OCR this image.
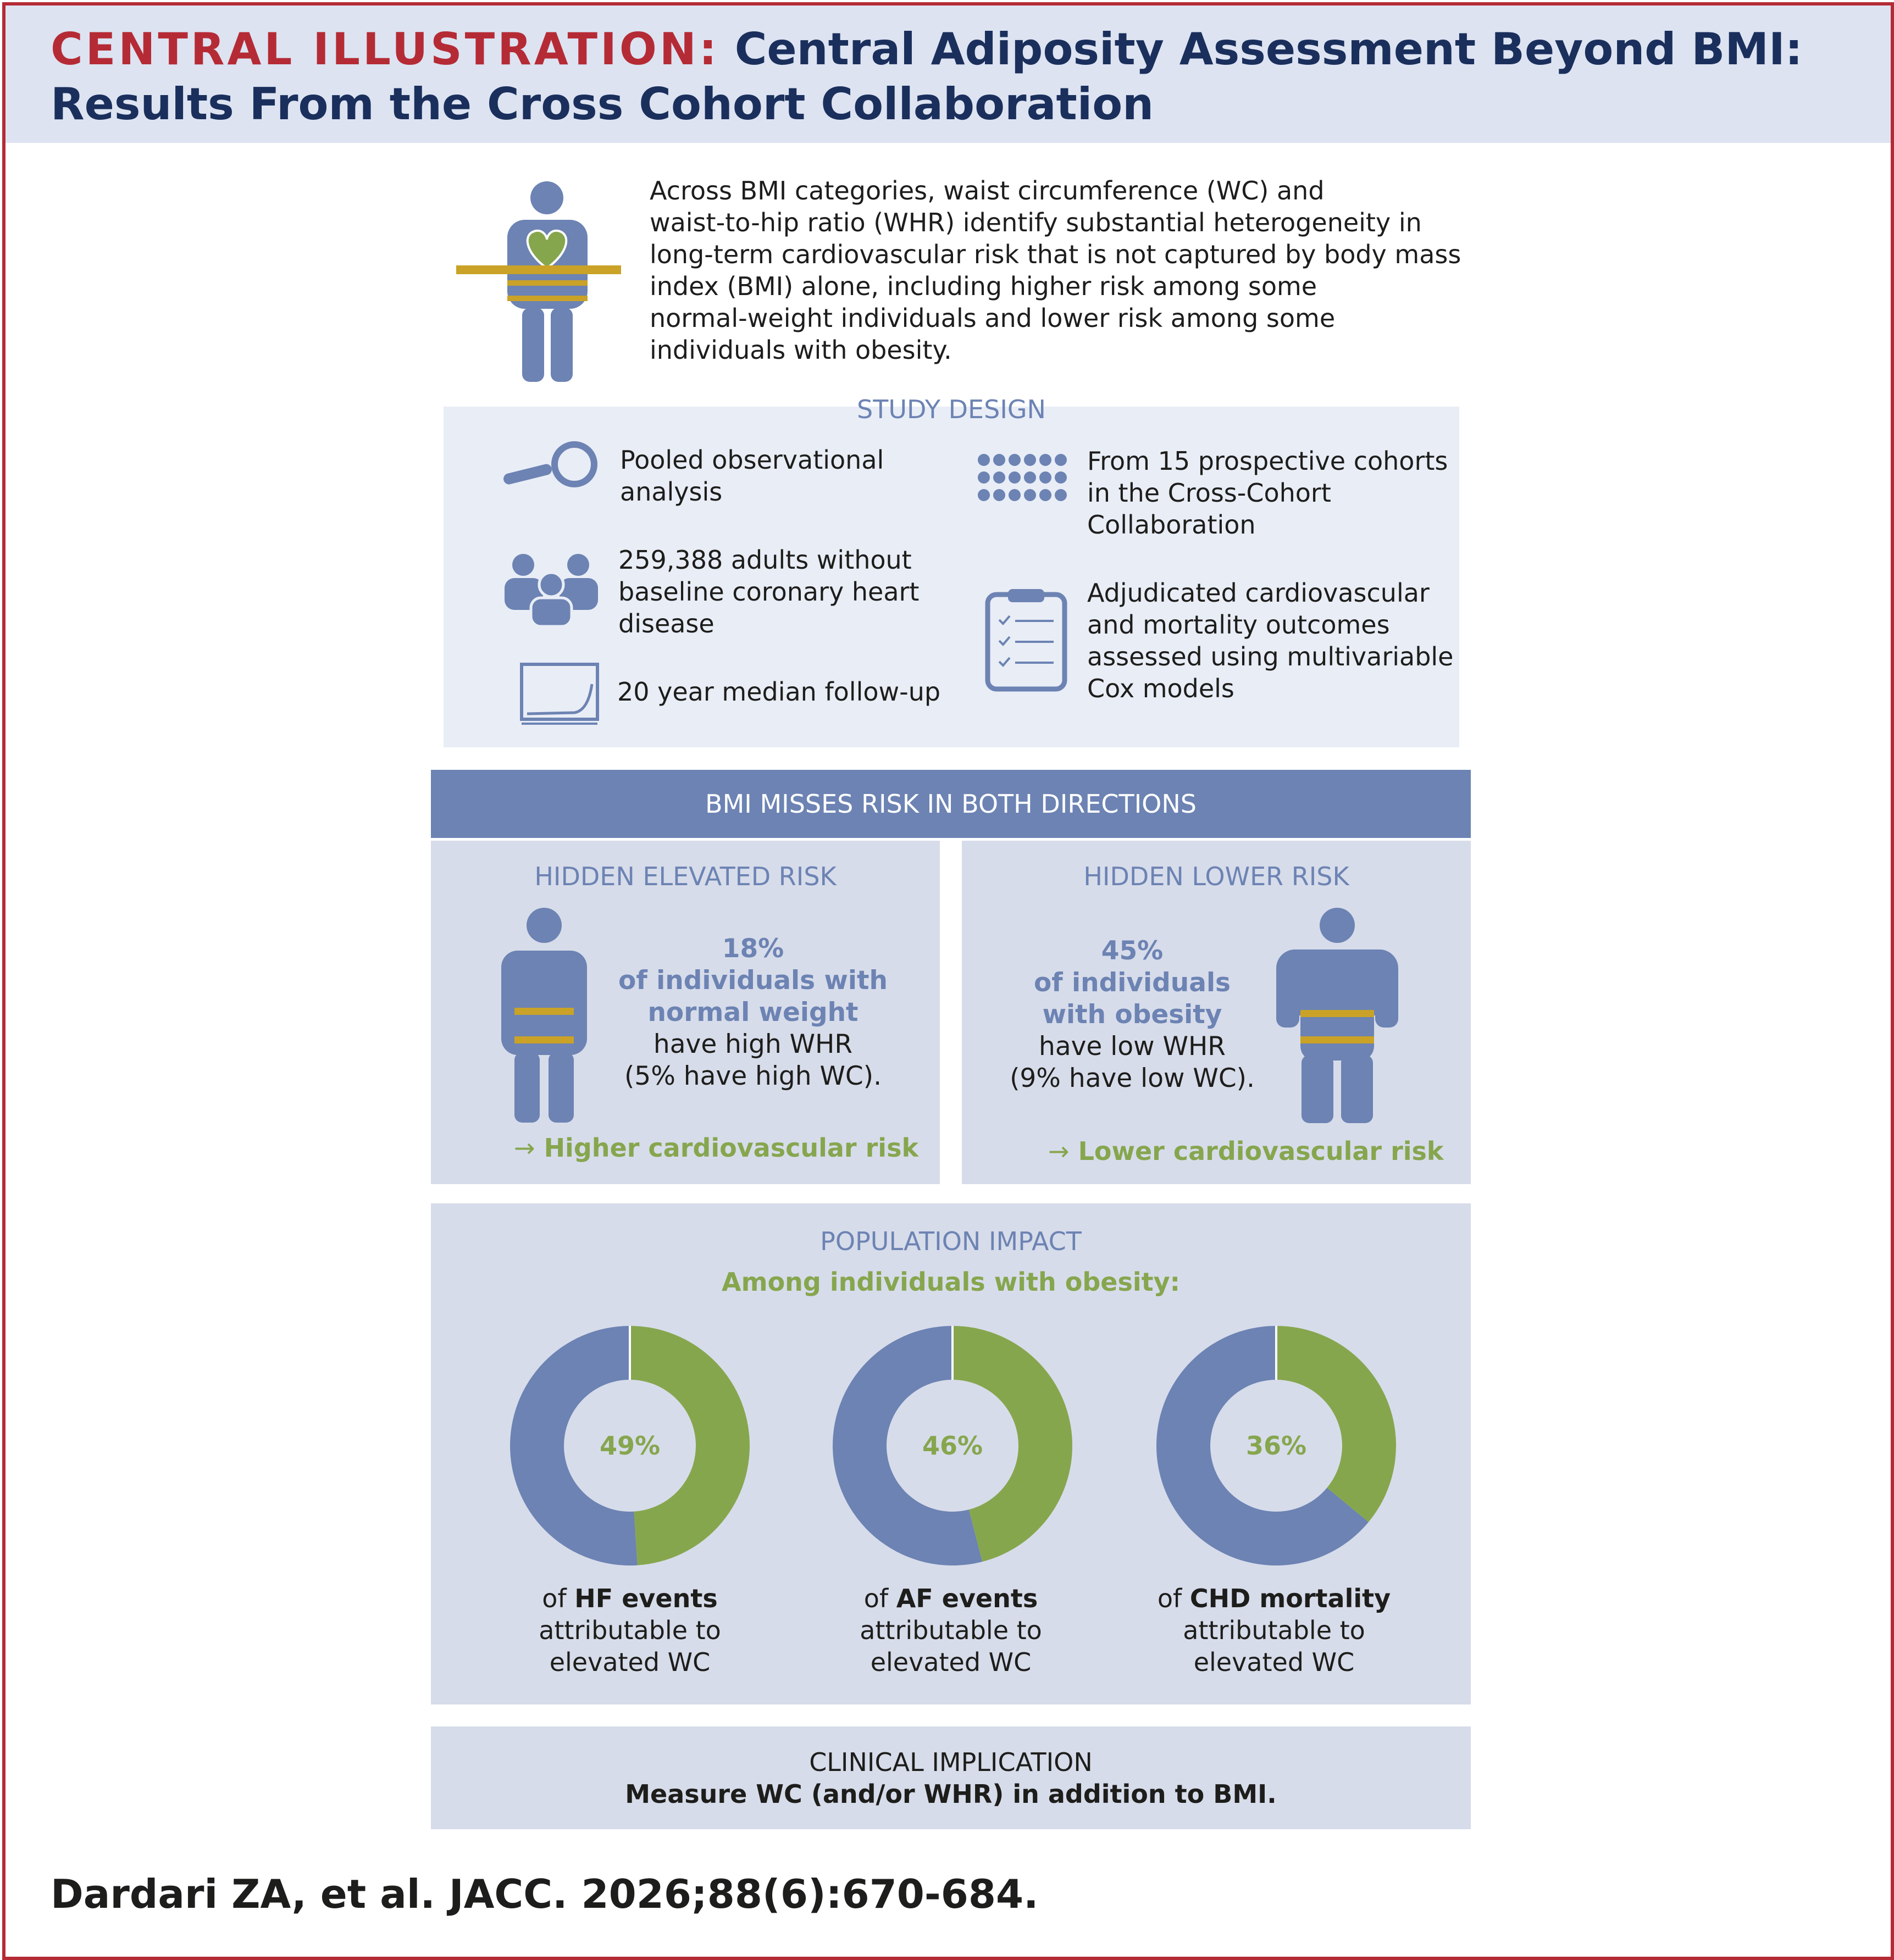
CENTRAL ILLUSTRATION: Central Adiposity Assessment Beyond BMI:
Results From the Cross Cohort Collaboration
Across BMI categories, waist circumference (WC) and
waist-to-hip ratio (WHR) identify substantial heterogeneity in
long-term cardiovascular risk that is not captured by body mass
index (BMI) alone, including higher risk among some
normal-weight individuals and lower risk among some
individuals with obesity.
STUDY DESIGN
Pooled observational
analysis
259,388 adults without
baseline coronary heart
disease
20 year median follow-up
From 15 prospective cohorts
in the Cross-Cohort
Collaboration
Adjudicated cardiovascular
and mortality outcomes
assessed using multivariable
Cox models
BMI MISSES RISK IN BOTH DIRECTIONS
HIDDEN ELEVATED RISK
18%
of individuals with
normal weight
have high WHR
(5% have high WC).
→ Higher cardiovascular risk
HIDDEN LOWER RISK
45%
of individuals
with obesity
have low WHR
(9% have low WC).
→ Lower cardiovascular risk
POPULATION IMPACT
Among individuals with obesity:
49%	46%	36%
of HF events
attributable to
elevated WC
of AF events
attributable to
elevated WC
of CHD mortality
attributable to
elevated WC
CLINICAL IMPLICATION
Measure WC (and/or WHR) in addition to BMI.
Dardari ZA, et al. JACC. 2026;88(6):670-684.
